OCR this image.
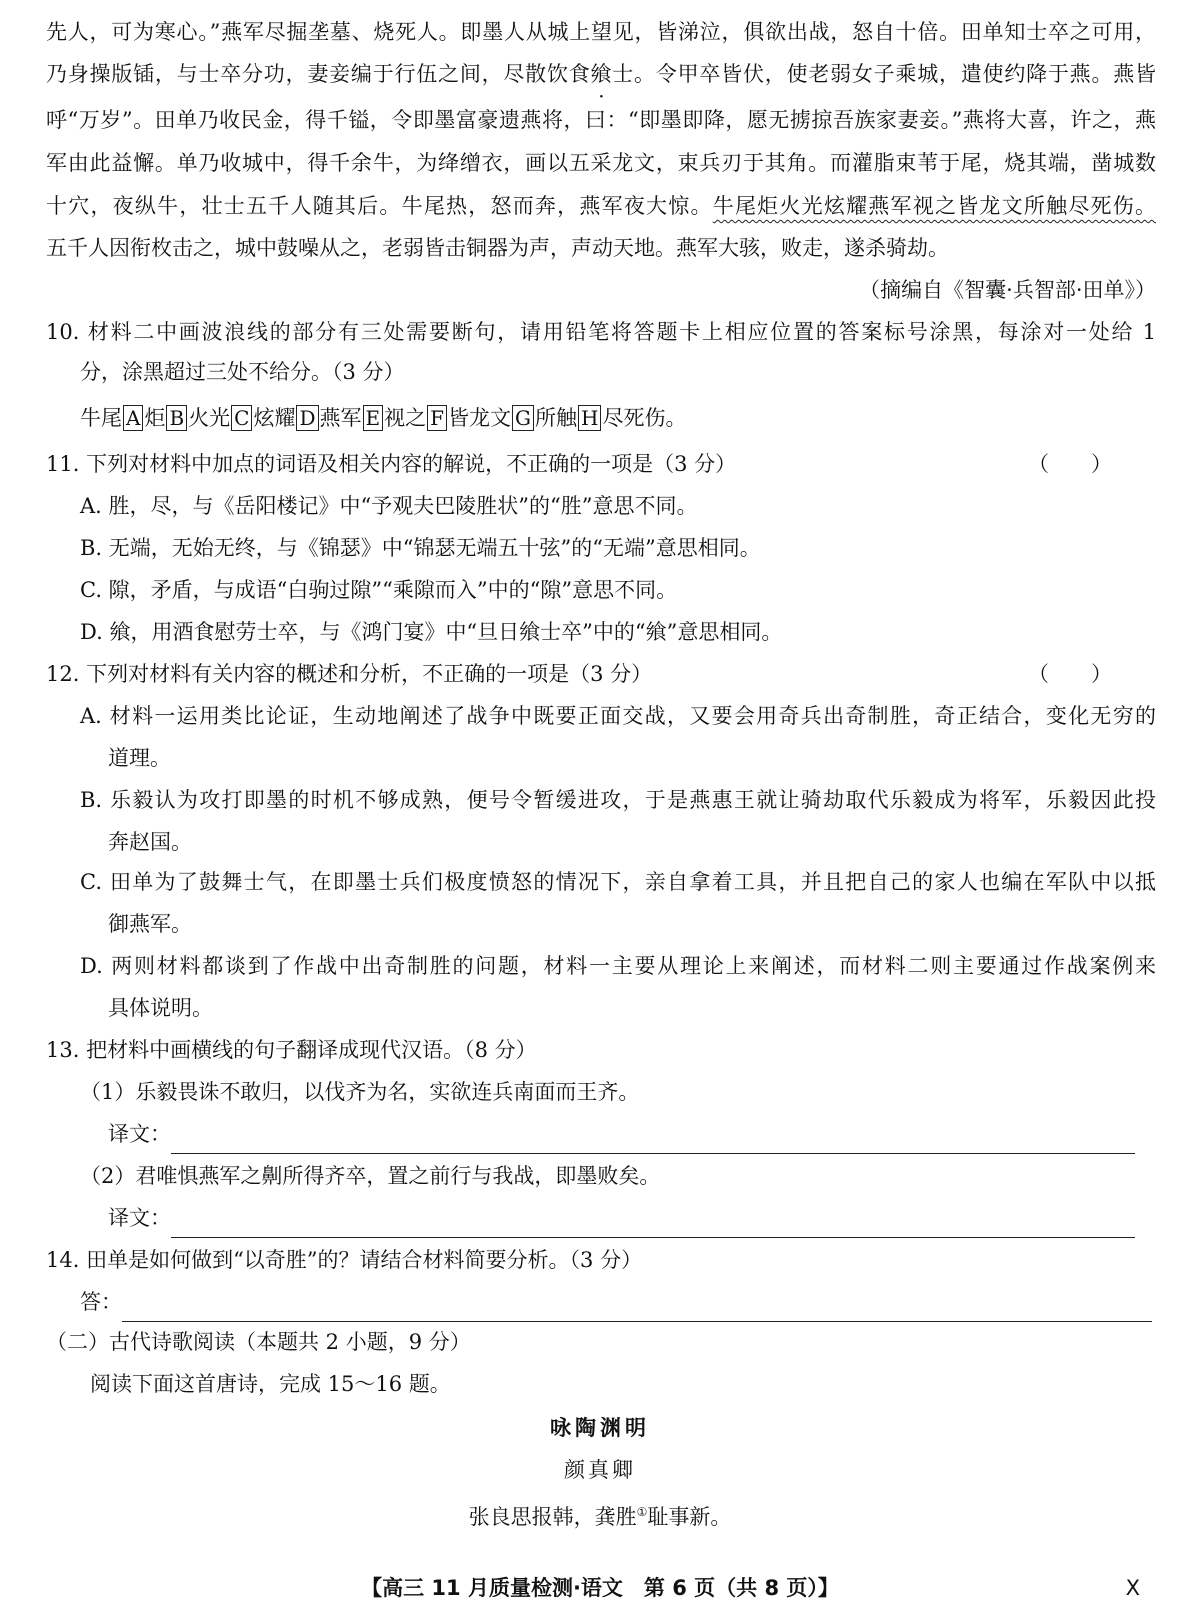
先人，可为寒心。”燕军尽掘垄墓、烧死人。即墨人从城上望见，皆涕泣，俱欲出战，怒自十倍。田单知士卒之可用，
乃身操版锸，与士卒分功，妻妾编于行伍之间，尽散饮食飨士。令甲卒皆伏，使老弱女子乘城，遣使约降于燕。燕皆
呼“万岁”。田单乃收民金，得千镒，令即墨富豪遗燕将，曰：“即墨即降，愿无掳掠吾族家妻妾。”燕将大喜，许之，燕
军由此益懈。单乃收城中，得千余牛，为绛缯衣，画以五采龙文，束兵刃于其角。而灌脂束苇于尾，烧其端，凿城数
十穴，夜纵牛，壮士五千人随其后。牛尾热，怒而奔，燕军夜大惊。牛尾炬火光炫耀燕军视之皆龙文所触尽死伤。
五千人因衔枚击之，城中鼓噪从之，老弱皆击铜器为声，声动天地。燕军大骇，败走，遂杀骑劫。
（摘编自《智囊·兵智部·田单》）
10. 材料二中画波浪线的部分有三处需要断句，请用铅笔将答题卡上相应位置的答案标号涂黑，每涂对一处给 1
分，涂黑超过三处不给分。（3 分）
牛尾 A 炬 B 火光 C 炫耀 D 燕军 E 视之 F 皆龙文 G 所触 H 尽死伤。
11. 下列对材料中加点的词语及相关内容的解说，不正确的一项是（3 分）	（　　）
A. 胜，尽，与《岳阳楼记》中“予观夫巴陵胜状”的“胜”意思不同。
B. 无端，无始无终，与《锦瑟》中“锦瑟无端五十弦”的“无端”意思相同。
C. 隙，矛盾，与成语“白驹过隙”“乘隙而入”中的“隙”意思不同。
D. 飨，用酒食慰劳士卒，与《鸿门宴》中“旦日飨士卒”中的“飨”意思相同。
12. 下列对材料有关内容的概述和分析，不正确的一项是（3 分）	（　　）
A. 材料一运用类比论证，生动地阐述了战争中既要正面交战，又要会用奇兵出奇制胜，奇正结合，变化无穷的
道理。
B. 乐毅认为攻打即墨的时机不够成熟，便号令暂缓进攻，于是燕惠王就让骑劫取代乐毅成为将军，乐毅因此投
奔赵国。
C. 田单为了鼓舞士气，在即墨士兵们极度愤怒的情况下，亲自拿着工具，并且把自己的家人也编在军队中以抵
御燕军。
D. 两则材料都谈到了作战中出奇制胜的问题，材料一主要从理论上来阐述，而材料二则主要通过作战案例来
具体说明。
13. 把材料中画横线的句子翻译成现代汉语。（8 分）
（1）乐毅畏诛不敢归，以伐齐为名，实欲连兵南面而王齐。
译文：
（2）君唯惧燕军之劓所得齐卒，置之前行与我战，即墨败矣。
译文：
14. 田单是如何做到“以奇胜”的？请结合材料简要分析。（3 分）
答：
（二）古代诗歌阅读（本题共 2 小题，9 分）
阅读下面这首唐诗，完成 15～16 题。
咏陶渊明
颜真卿
张良思报韩，龚胜①耻事新。
【高三 11 月质量检测·语文　第 6 页（共 8 页）】	X
